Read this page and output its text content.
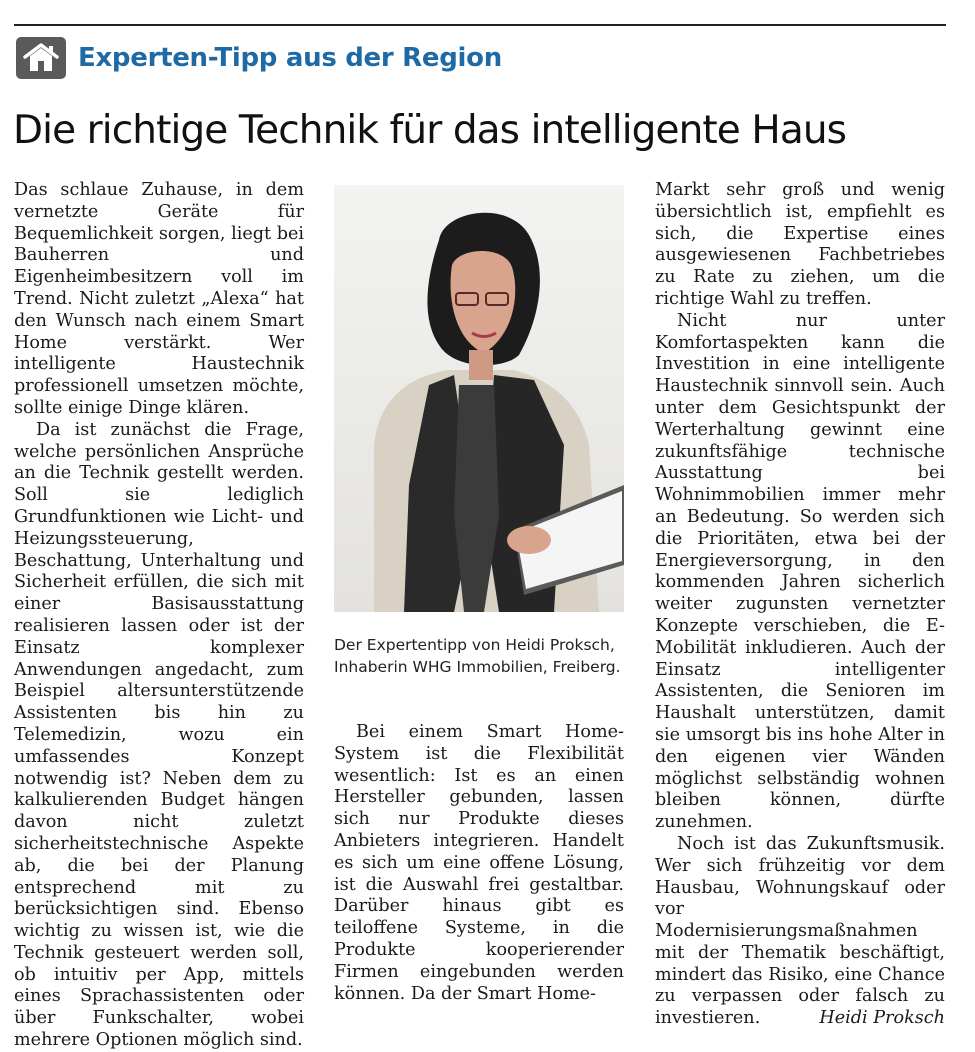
Experten-Tipp aus der Region
Die richtige Technik für das intelligente Haus

Das schlaue Zuhause, in dem vernetzte Geräte für Bequemlichkeit sorgen, liegt bei Bauherren und Eigenheimbesitzern voll im Trend. Nicht zuletzt „Alexa“ hat den Wunsch nach einem Smart Home verstärkt. Wer intelligente Haustechnik professionell umsetzen möchte, sollte einige Dinge klären.

Da ist zunächst die Frage, welche persönlichen Ansprüche an die Technik gestellt werden. Soll sie lediglich Grundfunktionen wie Licht- und Heizungssteuerung, Beschattung, Unterhaltung und Sicherheit erfüllen, die sich mit einer Basisausstattung realisieren lassen oder ist der Einsatz komplexer Anwendungen angedacht, zum Beispiel altersunterstützende Assistenten bis hin zu Telemedizin, wozu ein umfassendes Konzept notwendig ist? Neben dem zu kalkulierenden Budget hängen davon nicht zuletzt sicherheitstechnische Aspekte ab, die bei der Planung entsprechend mit zu berücksichtigen sind. Ebenso wichtig zu wissen ist, wie die Technik gesteuert werden soll, ob intuitiv per App, mittels eines Sprachassistenten oder über Funkschalter, wobei mehrere Optionen möglich sind.

Der Expertentipp von Heidi Proksch, Inhaberin WHG Immobilien, Freiberg.

Bei einem Smart Home-System ist die Flexibilität wesentlich: Ist es an einen Hersteller gebunden, lassen sich nur Produkte dieses Anbieters integrieren. Handelt es sich um eine offene Lösung, ist die Auswahl frei gestaltbar. Darüber hinaus gibt es teiloffene Systeme, in die Produkte kooperierender Firmen eingebunden werden können. Da der Smart Home-

Markt sehr groß und wenig übersichtlich ist, empfiehlt es sich, die Expertise eines ausgewiesenen Fachbetriebes zu Rate zu ziehen, um die richtige Wahl zu treffen.

Nicht nur unter Komfortaspekten kann die Investition in eine intelligente Haustechnik sinnvoll sein. Auch unter dem Gesichtspunkt der Werterhaltung gewinnt eine zukunftsfähige technische Ausstattung bei Wohnimmobilien immer mehr an Bedeutung. So werden sich die Prioritäten, etwa bei der Energieversorgung, in den kommenden Jahren sicherlich weiter zugunsten vernetzter Konzepte verschieben, die E-Mobilität inkludieren. Auch der Einsatz intelligenter Assistenten, die Senioren im Haushalt unterstützen, damit sie umsorgt bis ins hohe Alter in den eigenen vier Wänden möglichst selbständig wohnen bleiben können, dürfte zunehmen.

Noch ist das Zukunftsmusik. Wer sich frühzeitig vor dem Hausbau, Wohnungskauf oder vor Modernisierungsmaßnahmen mit der Thematik beschäftigt, mindert das Risiko, eine Chance zu verpassen oder falsch zu investieren.	Heidi Proksch
